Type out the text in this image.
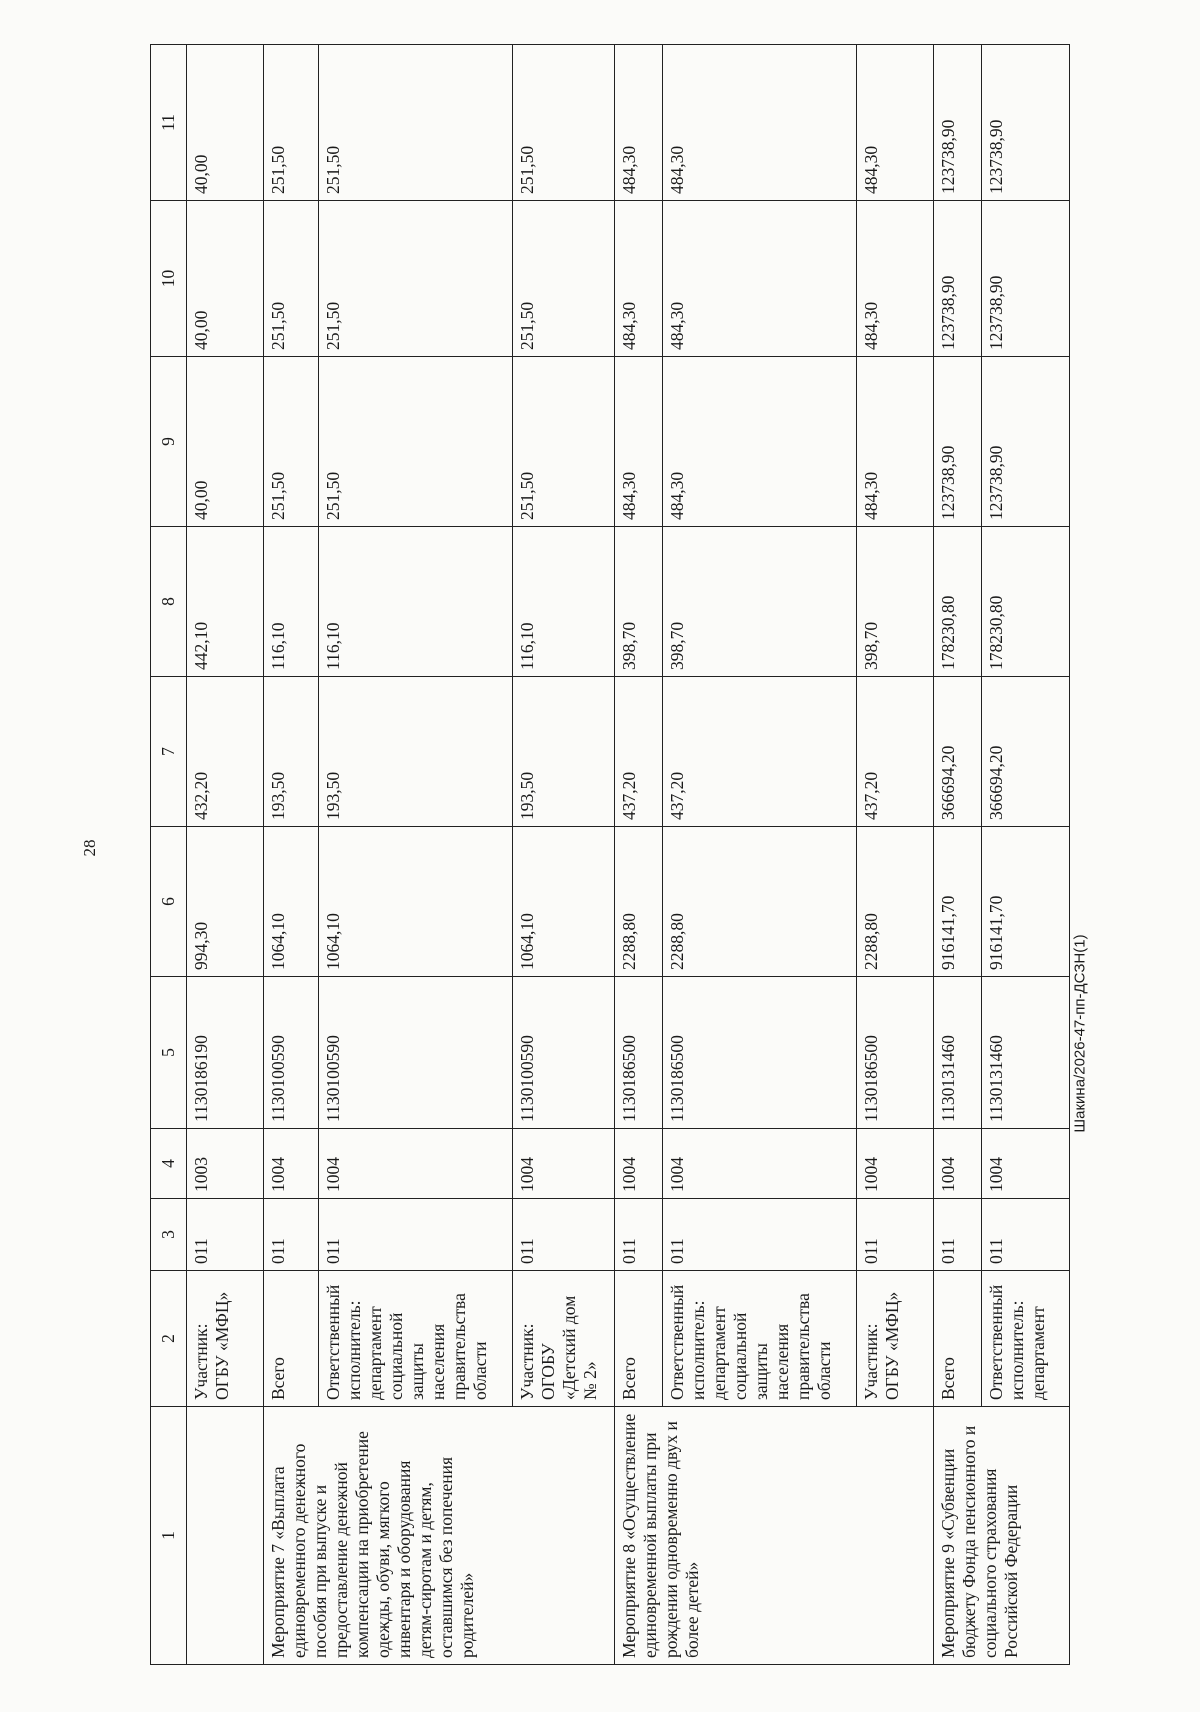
28
Шакина/2026-47-пп-ДСЗН(1)
1	2	3	4	5	6	7	8	9	10	11
	Участник: ОГБУ «МФЦ»	011	1003	1130186190	994,30	432,20	442,10	40,00	40,00	40,00
Мероприятие 7 «Выплата единовременного денежного пособия при выпуске и предоставление денежной компенсации на приобретение одежды, обуви, мягкого инвентаря и оборудования детям-сиротам и детям, оставшимся без попечения родителей»	Всего	011	1004	1130100590	1064,10	193,50	116,10	251,50	251,50	251,50
	Ответственный исполнитель: департамент социальной защиты населения правительства области	011	1004	1130100590	1064,10	193,50	116,10	251,50	251,50	251,50
	Участник: ОГОБУ «Детский дом № 2»	011	1004	1130100590	1064,10	193,50	116,10	251,50	251,50	251,50
Мероприятие 8 «Осуществление единовременной выплаты при рождении одновременно двух и более детей»	Всего	011	1004	1130186500	2288,80	437,20	398,70	484,30	484,30	484,30
	Ответственный исполнитель: департамент социальной защиты населения правительства области	011	1004	1130186500	2288,80	437,20	398,70	484,30	484,30	484,30
	Участник: ОГБУ «МФЦ»	011	1004	1130186500	2288,80	437,20	398,70	484,30	484,30	484,30
Мероприятие 9 «Субвенции бюджету Фонда пенсионного и социального страхования Российской Федерации	Всего	011	1004	1130131460	916141,70	366694,20	178230,80	123738,90	123738,90	123738,90
	Ответственный исполнитель: департамент	011	1004	1130131460	916141,70	366694,20	178230,80	123738,90	123738,90	123738,90
